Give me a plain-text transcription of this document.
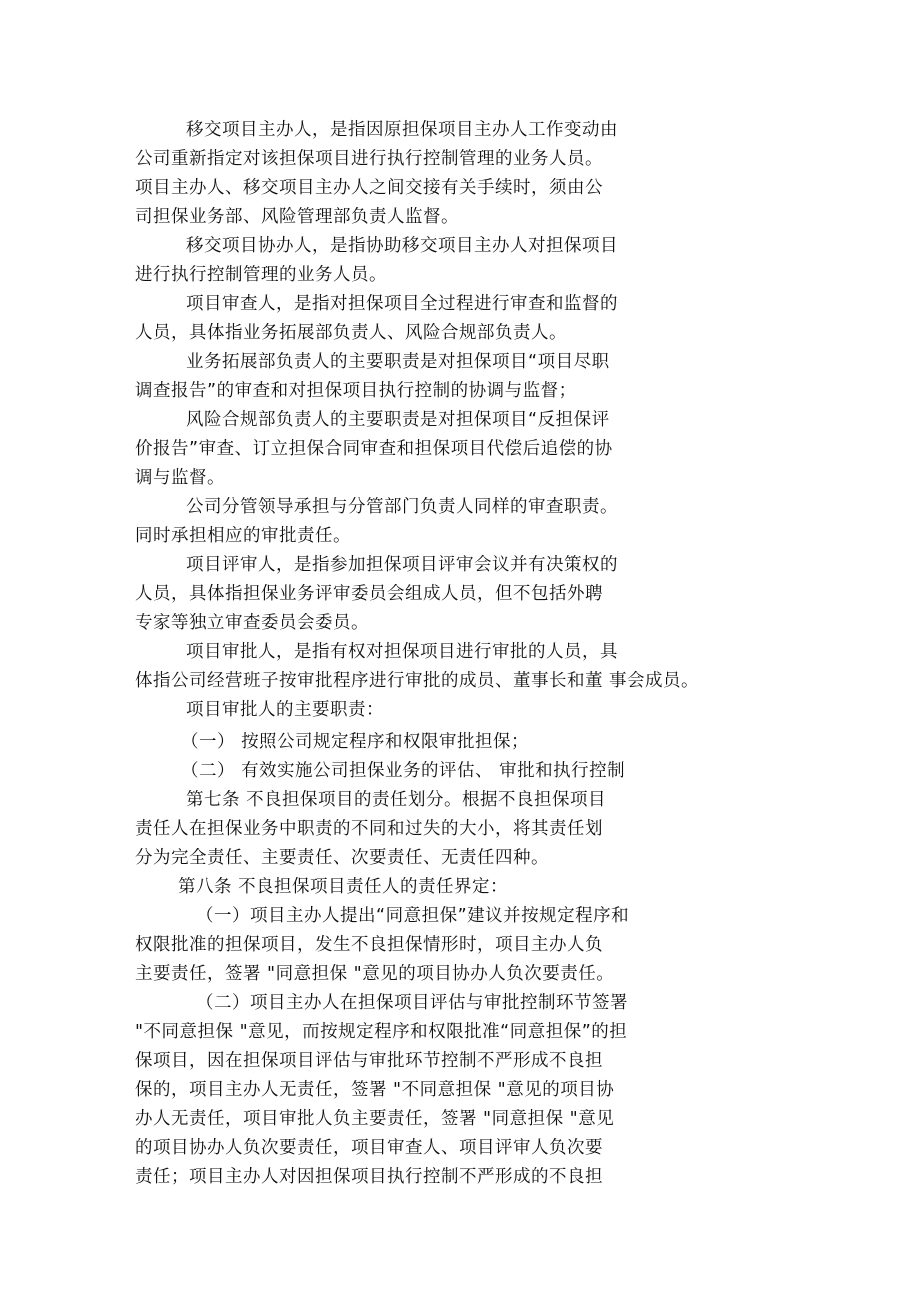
移交项目主办人，是指因原担保项目主办人工作变动由
公司重新指定对该担保项目进行执行控制管理的业务人员。
项目主办人、移交项目主办人之间交接有关手续时，须由公
司担保业务部、风险管理部负责人监督。
移交项目协办人，是指协助移交项目主办人对担保项目
进行执行控制管理的业务人员。
项目审查人，是指对担保项目全过程进行审查和监督的
人员，具体指业务拓展部负责人、风险合规部负责人。
业务拓展部负责人的主要职责是对担保项目“项目尽职
调查报告”的审查和对担保项目执行控制的协调与监督；
风险合规部负责人的主要职责是对担保项目“反担保评
价报告”审查、订立担保合同审查和担保项目代偿后追偿的协
调与监督。
公司分管领导承担与分管部门负责人同样的审查职责。
同时承担相应的审批责任。
项目评审人，是指参加担保项目评审会议并有决策权的
人员，具体指担保业务评审委员会组成人员，但不包括外聘
专家等独立审查委员会委员。
项目审批人，是指有权对担保项目进行审批的人员，具
体指公司经营班子按审批程序进行审批的成员、董事长和董 事会成员。
项目审批人的主要职责：
（一） 按照公司规定程序和权限审批担保；
（二） 有效实施公司担保业务的评估、 审批和执行控制
第七条 不良担保项目的责任划分。根据不良担保项目
责任人在担保业务中职责的不同和过失的大小，将其责任划
分为完全责任、主要责任、次要责任、无责任四种。
第八条 不良担保项目责任人的责任界定：
（一）项目主办人提出“同意担保”建议并按规定程序和
权限批准的担保项目，发生不良担保情形时，项目主办人负
主要责任，签署 "同意担保 "意见的项目协办人负次要责任。
（二）项目主办人在担保项目评估与审批控制环节签署
"不同意担保 "意见，而按规定程序和权限批准“同意担保”的担
保项目，因在担保项目评估与审批环节控制不严形成不良担
保的，项目主办人无责任，签署 "不同意担保 "意见的项目协
办人无责任，项目审批人负主要责任，签署 "同意担保 "意见
的项目协办人负次要责任，项目审查人、项目评审人负次要
责任；项目主办人对因担保项目执行控制不严形成的不良担
